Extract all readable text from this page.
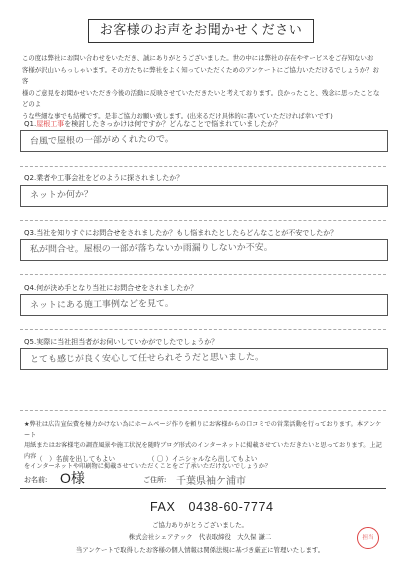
お客様のお声をお聞かせください
この度は弊社にお問い合わせをいただき、誠にありがとうございました。世の中には弊社の存在やサービスをご存知ないお
客様が沢山いらっしゃいます。その方たちに弊社をよく知っていただくためのアンケートにご協力いただけるでしょうか？お客
様のご意見をお聞かせいただき今後の活動に反映させていただきたいと考えております。良かったこと、残念に思ったことなどのよ
うな些細な事でも結構です。是非ご協力お願い致します。(出来るだけ具体的に書いていただければ幸いです)
Q1.屋根工事を検討したきっかけは何ですか？どんなことで悩まれていましたか？
台風で屋根の一部がめくれたので。
Q2.業者や工事会社をどのように探されましたか？
ネットか何か？
Q3.当社を知りすぐにお問合せをされましたか？もし悩まれたとしたらどんなことが不安でしたか？
私が問合せ。屋根の一部が落ちないか雨漏りしないか不安。
Q4.何が決め手となり当社にお問合せをされましたか？
ネットにある施工事例などを見て。
Q5.実際に当社担当者がお伺いしていかがでしたでしょうか？
とても感じが良く安心して任せられそうだと思いました。
★弊社は広告宣伝費を極力かけない為にホームページ作りを頼りにお客様からの口コミでの営業活動を行っております。本アンケート
用紙またはお客様宅の調査風景や施工状況を随時ブログ形式のインターネットに掲載させていただきたいと思っております。上記内容
をインターネットや印刷物に掲載させていただくことをご了承いただけないでしょうか？
（　）名前を出してもよい	（ 〇 ）イニシャルなら出してもよい
お名前: O様	ご住所: 千葉県袖ケ浦市
FAX　0438-60-7774
ご協力ありがとうございました。
株式会社シェアテック　代表取締役　大久保 謙二
当アンケートで取得したお客様の個人情報は関係法規に基づき厳正に管理いたします。
担当
